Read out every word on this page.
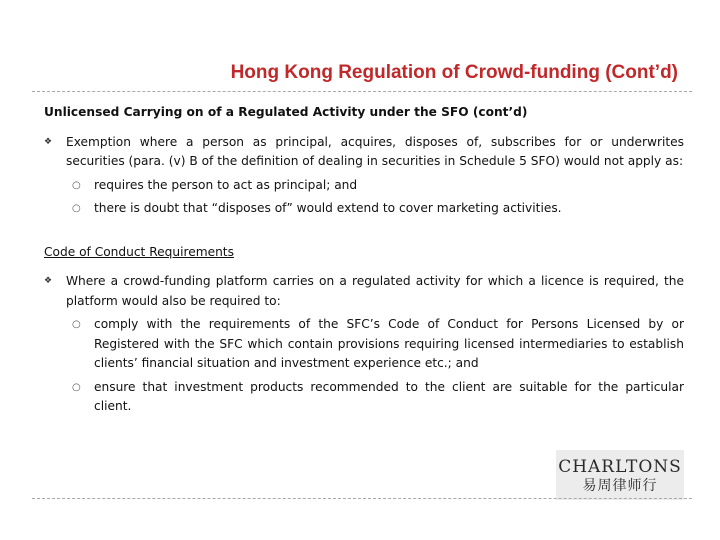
Hong Kong Regulation of Crowd-funding (Cont’d)
Unlicensed Carrying on of a Regulated Activity under the SFO (cont’d)
❖ Exemption where a person as principal, acquires, disposes of, subscribes for or underwrites securities (para. (v) B of the definition of dealing in securities in Schedule 5 SFO) would not apply as:
○ requires the person to act as principal; and
○ there is doubt that “disposes of” would extend to cover marketing activities.
Code of Conduct Requirements
❖ Where a crowd-funding platform carries on a regulated activity for which a licence is required, the platform would also be required to:
○ comply with the requirements of the SFC’s Code of Conduct for Persons Licensed by or Registered with the SFC which contain provisions requiring licensed intermediaries to establish clients’ financial situation and investment experience etc.; and
○ ensure that investment products recommended to the client are suitable for the particular client.
CHARLTONS
易周律师行
